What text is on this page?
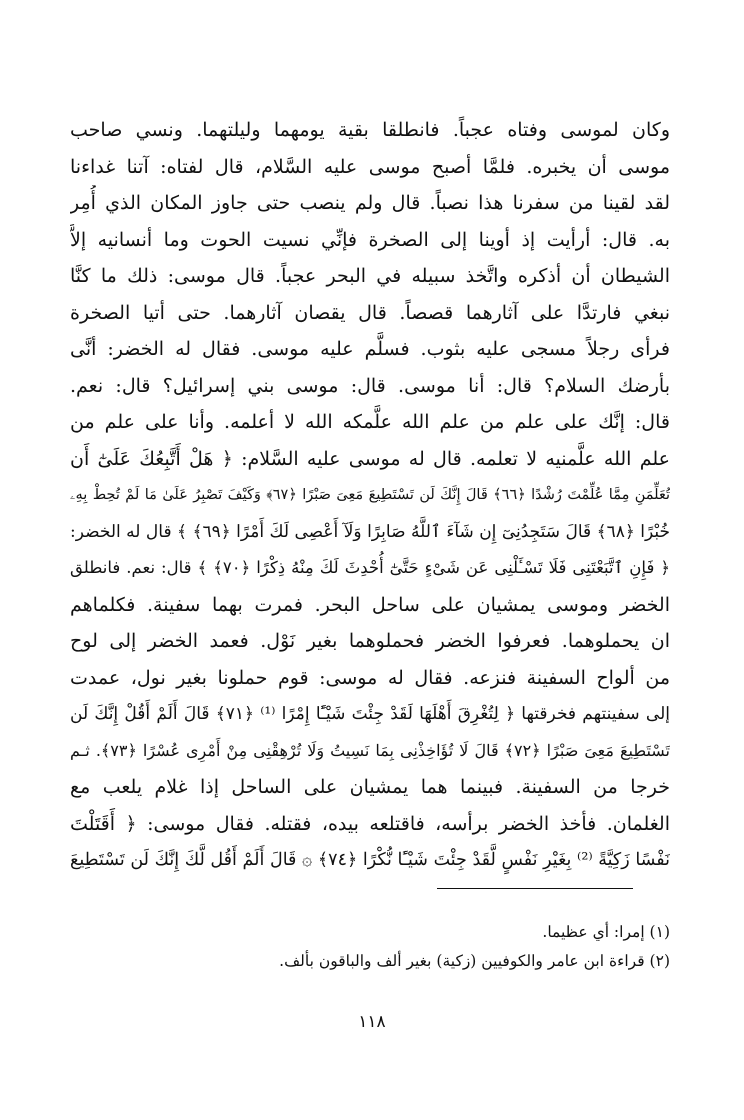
وكان لموسى وفتاه عجباً. فانطلقا بقية يومهما وليلتهما. ونسي صاحب
موسى أن يخبره. فلمَّا أصبح موسى عليه السَّلام، قال لفتاه: آتنا غداءنا
لقد لقينا من سفرنا هذا نصباً. قال ولم ينصب حتى جاوز المكان الذي أُمِر
به. قال: أرأيت إذ أوينا إلى الصخرة فإنِّي نسيت الحوت وما أنسانيه إلاَّ
الشيطان أن أذكره واتَّخذ سبيله في البحر عجباً. قال موسى: ذلك ما كنَّا
نبغي فارتدَّا على آثارهما قصصاً. قال يقصان آثارهما. حتى أتيا الصخرة
فرأى رجلاً مسجى عليه بثوب. فسلَّم عليه موسى. فقال له الخضر: أنَّى
بأرضك السلام؟ قال: أنا موسى. قال: موسى بني إسرائيل؟ قال: نعم.
قال: إنَّك على علم من علم الله علَّمكه الله لا أعلمه. وأنا على علم من
علم الله علَّمنيه لا تعلمه. قال له موسى عليه السَّلام: ﴿ هَلْ أَتَّبِعُكَ عَلَىٰٓ أَن
تُعَلِّمَنِ مِمَّا عُلِّمْتَ رُشْدًا ﴿٦٦﴾ قَالَ إِنَّكَ لَن تَسْتَطِيعَ مَعِىَ صَبْرًا ﴿٦٧﴾ وَكَيْفَ تَصْبِرُ عَلَىٰ مَا لَمْ تُحِطْ بِهِۦ
خُبْرًا ﴿٦٨﴾ قَالَ سَتَجِدُنِىٓ إِن شَآءَ ٱللَّهُ صَابِرًا وَلَآ أَعْصِى لَكَ أَمْرًا ﴿٦٩﴾ ﴾ قال له الخضر:
﴿ فَإِنِ ٱتَّبَعْتَنِى فَلَا تَسْـَٔلْنِى عَن شَىْءٍ حَتَّىٰٓ أُحْدِثَ لَكَ مِنْهُ ذِكْرًا ﴿٧٠﴾ ﴾ قال: نعم. فانطلق
الخضر وموسى يمشيان على ساحل البحر. فمرت بهما سفينة. فكلماهم
ان يحملوهما. فعرفوا الخضر فحملوهما بغير نَوْل. فعمد الخضر إلى لوح
من ألواح السفينة فنزعه. فقال له موسى: قوم حملونا بغير نول، عمدت
إلى سفينتهم فخرقتها ﴿ لِتُغْرِقَ أَهْلَهَا لَقَدْ جِئْتَ شَيْـًٔا إِمْرًا ⁽¹⁾ ﴿٧١﴾ قَالَ أَلَمْ أَقُلْ إِنَّكَ لَن
تَسْتَطِيعَ مَعِىَ صَبْرًا ﴿٧٢﴾ قَالَ لَا تُؤَاخِذْنِى بِمَا نَسِيتُ وَلَا تُرْهِقْنِى مِنْ أَمْرِى عُسْرًا ﴿٧٣﴾. ثـم
خرجا من السفينة. فبينما هما يمشيان على الساحل إذا غلام يلعب مع
الغلمان. فأخذ الخضر برأسه، فاقتلعه بيده، فقتله. فقال موسى: ﴿ أَقَتَلْتَ
نَفْسًا زَكِيَّةً ⁽²⁾ بِغَيْرِ نَفْسٍ لَّقَدْ جِئْتَ شَيْـًٔا نُّكْرًا ﴿٧٤﴾ ۞ قَالَ أَلَمْ أَقُل لَّكَ إِنَّكَ لَن تَسْتَطِيعَ
(١) إمرا: أي عظيما.
(٢) قراءة ابن عامر والكوفيين (زكية) بغير ألف والباقون بألف.
١١٨
